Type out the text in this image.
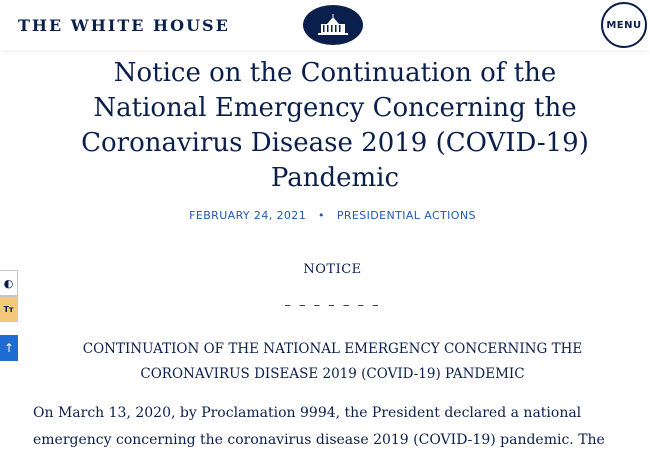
THE WHITE HOUSE	MENU
Notice on the Continuation of the National Emergency Concerning the Coronavirus Disease 2019 (COVID-19) Pandemic
FEBRUARY 24, 2021 • PRESIDENTIAL ACTIONS
NOTICE
– – – – – – –
CONTINUATION OF THE NATIONAL EMERGENCY CONCERNING THE CORONAVIRUS DISEASE 2019 (COVID-19) PANDEMIC

On March 13, 2020, by Proclamation 9994, the President declared a national emergency concerning the coronavirus disease 2019 (COVID-19) pandemic. The

◐
Tт
↑
